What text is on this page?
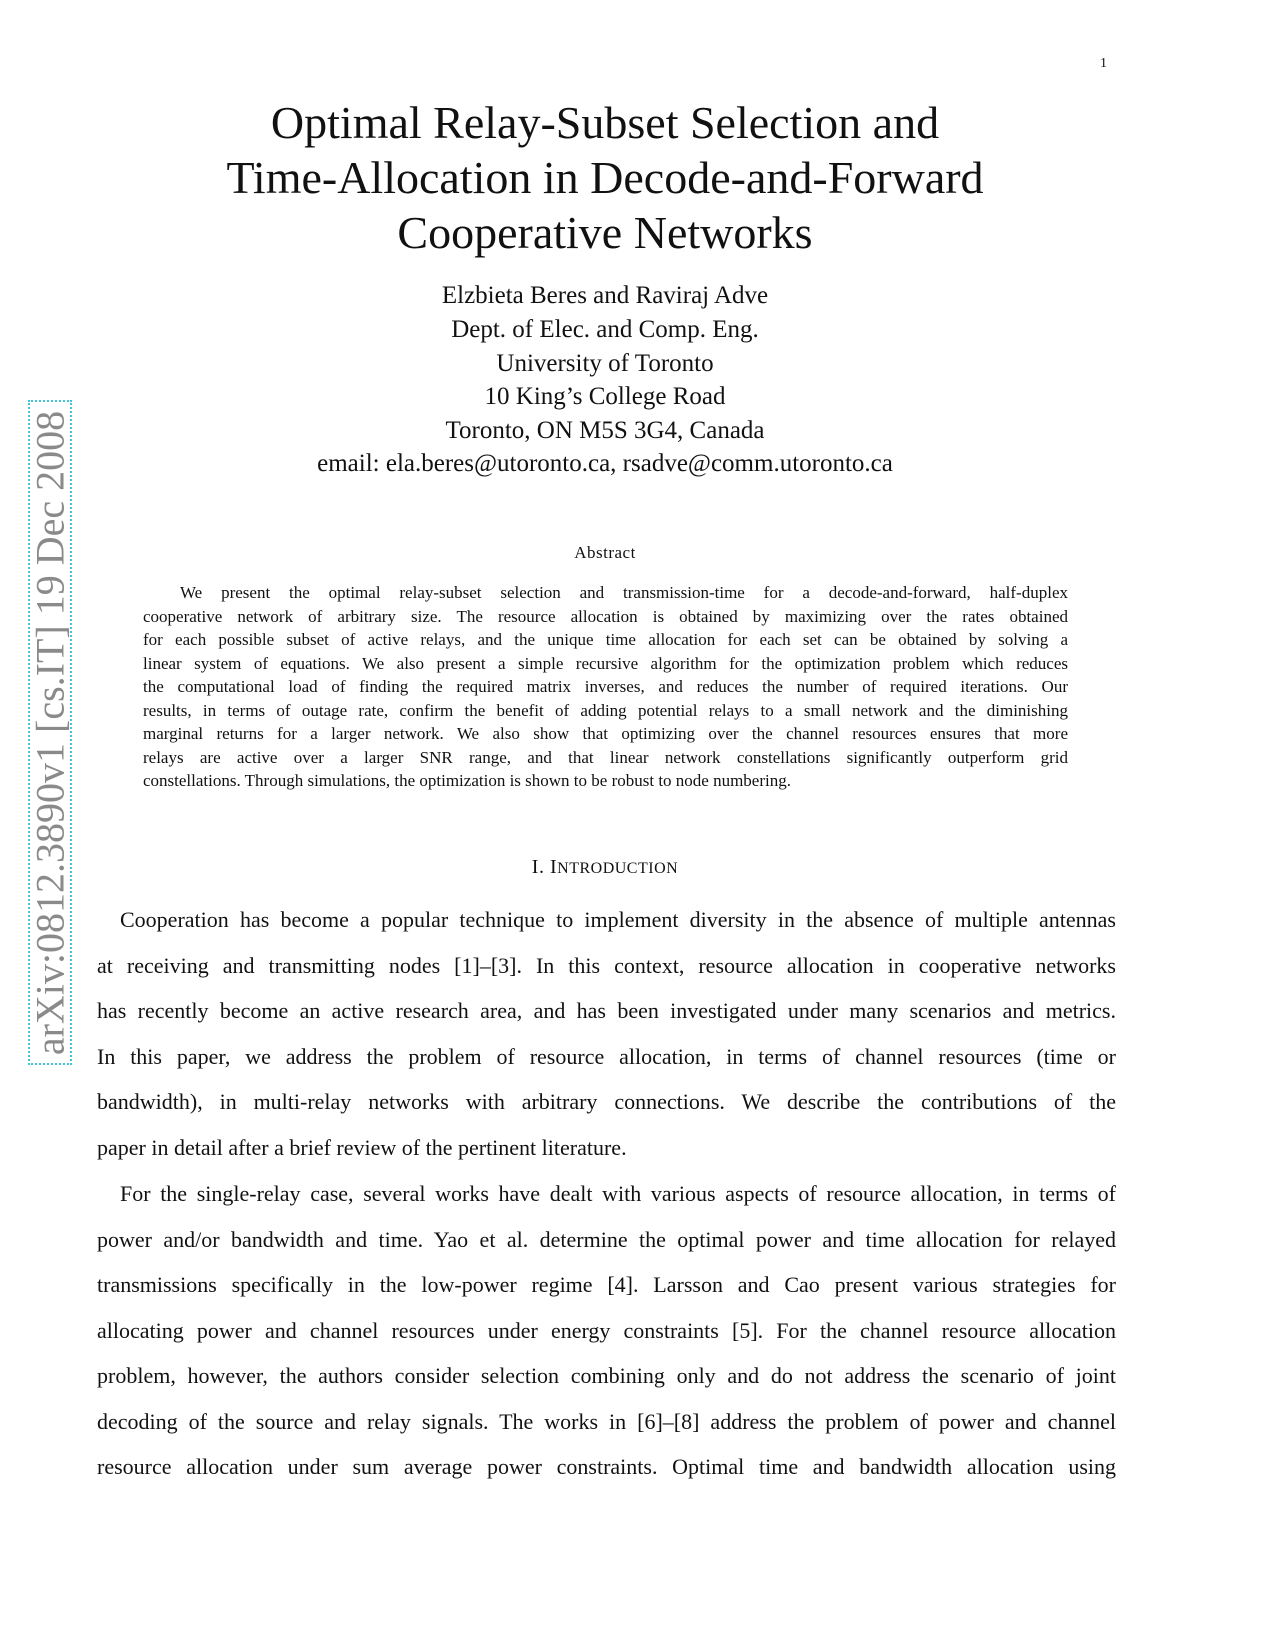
1
arXiv:0812.3890v1 [cs.IT] 19 Dec 2008
Optimal Relay-Subset Selection and
Time-Allocation in Decode-and-Forward
Cooperative Networks
Elzbieta Beres and Raviraj Adve
Dept. of Elec. and Comp. Eng.
University of Toronto
10 King’s College Road
Toronto, ON M5S 3G4, Canada
email: ela.beres@utoronto.ca, rsadve@comm.utoronto.ca
Abstract
We present the optimal relay-subset selection and transmission-time for a decode-and-forward, half-duplex
cooperative network of arbitrary size. The resource allocation is obtained by maximizing over the rates obtained
for each possible subset of active relays, and the unique time allocation for each set can be obtained by solving a
linear system of equations. We also present a simple recursive algorithm for the optimization problem which reduces
the computational load of finding the required matrix inverses, and reduces the number of required iterations. Our
results, in terms of outage rate, confirm the benefit of adding potential relays to a small network and the diminishing
marginal returns for a larger network. We also show that optimizing over the channel resources ensures that more
relays are active over a larger SNR range, and that linear network constellations significantly outperform grid
constellations. Through simulations, the optimization is shown to be robust to node numbering.
I. INTRODUCTION
Cooperation has become a popular technique to implement diversity in the absence of multiple antennas
at receiving and transmitting nodes [1]–[3]. In this context, resource allocation in cooperative networks
has recently become an active research area, and has been investigated under many scenarios and metrics.
In this paper, we address the problem of resource allocation, in terms of channel resources (time or
bandwidth), in multi-relay networks with arbitrary connections. We describe the contributions of the
paper in detail after a brief review of the pertinent literature.
For the single-relay case, several works have dealt with various aspects of resource allocation, in terms of
power and/or bandwidth and time. Yao et al. determine the optimal power and time allocation for relayed
transmissions specifically in the low-power regime [4]. Larsson and Cao present various strategies for
allocating power and channel resources under energy constraints [5]. For the channel resource allocation
problem, however, the authors consider selection combining only and do not address the scenario of joint
decoding of the source and relay signals. The works in [6]–[8] address the problem of power and channel
resource allocation under sum average power constraints. Optimal time and bandwidth allocation using
